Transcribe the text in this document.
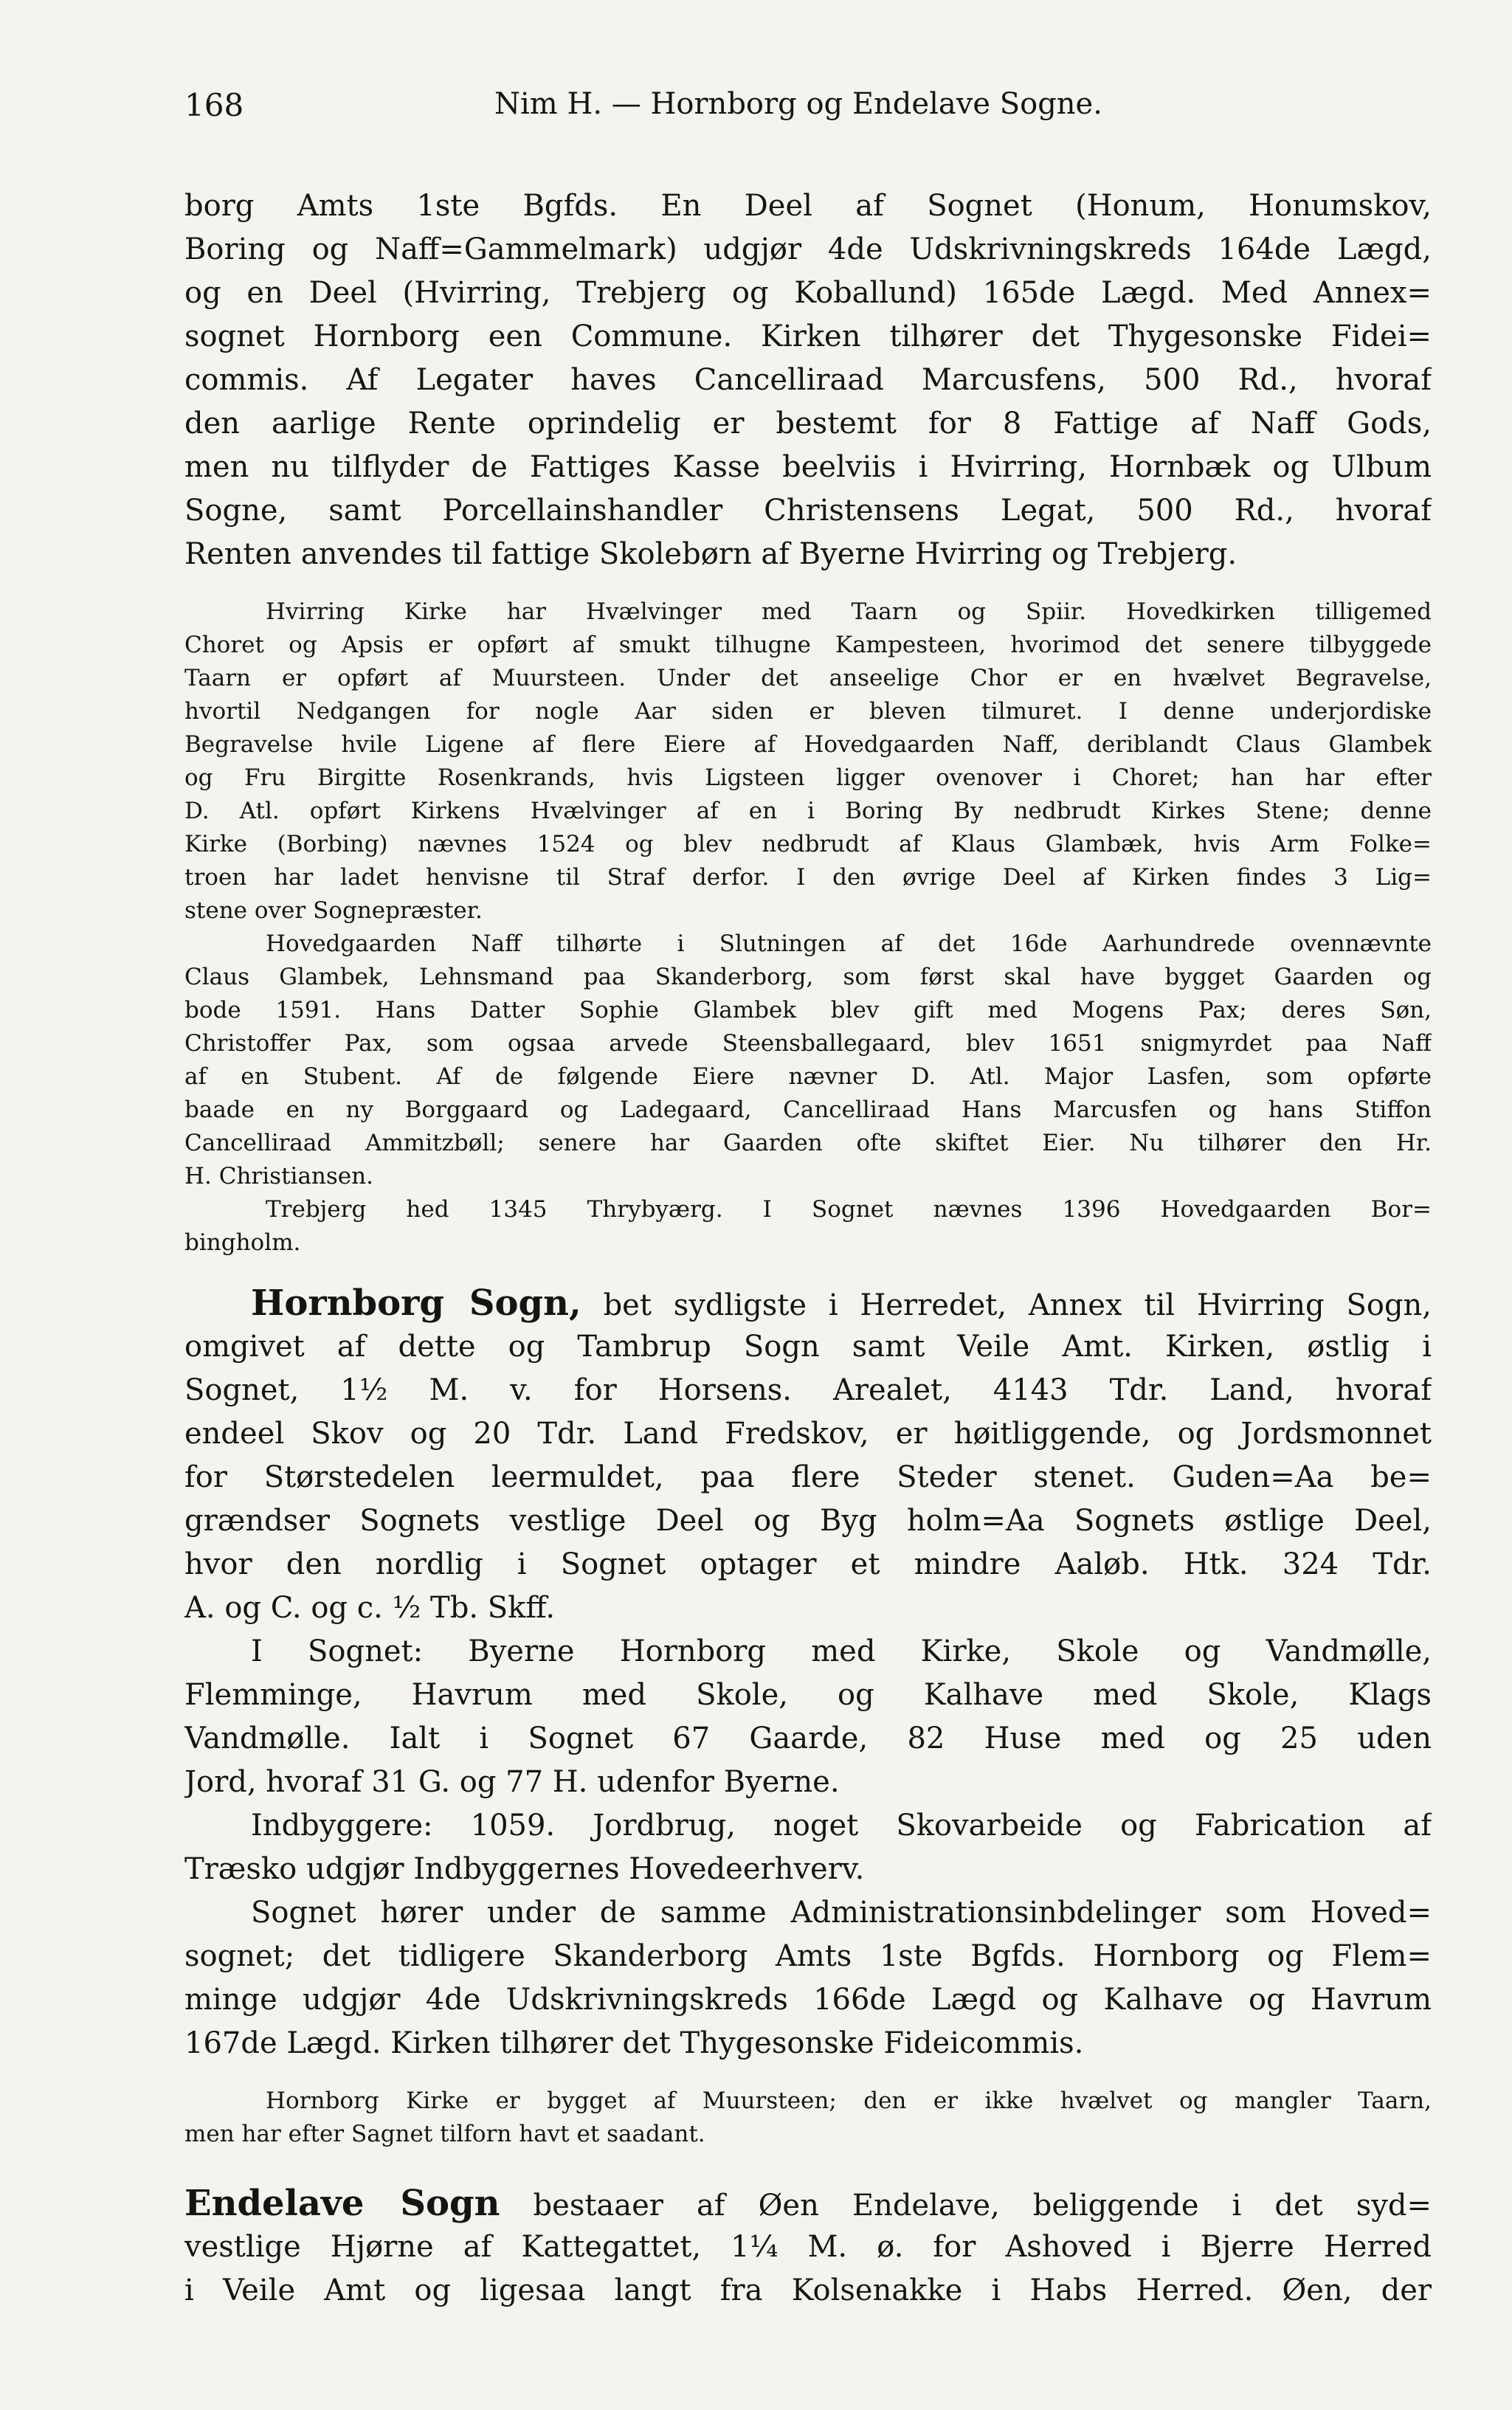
168	Nim H. — Hornborg og Endelave Sogne.
borg Amts 1ste Bgfds. En Deel af Sognet (Honum, Honumskov,
Boring og Naff=Gammelmark) udgjør 4de Udskrivningskreds 164de Lægd,
og en Deel (Hvirring, Trebjerg og Koballund) 165de Lægd. Med Annex=
sognet Hornborg een Commune. Kirken tilhører det Thygesonske Fidei=
commis. Af Legater haves Cancelliraad Marcusfens, 500 Rd., hvoraf
den aarlige Rente oprindelig er bestemt for 8 Fattige af Naff Gods,
men nu tilflyder de Fattiges Kasse beelviis i Hvirring, Hornbæk og Ulbum
Sogne, samt Porcellainshandler Christensens Legat, 500 Rd., hvoraf
Renten anvendes til fattige Skolebørn af Byerne Hvirring og Trebjerg.
Hvirring Kirke har Hvælvinger med Taarn og Spiir. Hovedkirken tilligemed
Choret og Apsis er opført af smukt tilhugne Kampesteen, hvorimod det senere tilbyggede
Taarn er opført af Muursteen. Under det anseelige Chor er en hvælvet Begravelse,
hvortil Nedgangen for nogle Aar siden er bleven tilmuret. I denne underjordiske
Begravelse hvile Ligene af flere Eiere af Hovedgaarden Naff, deriblandt Claus Glambek
og Fru Birgitte Rosenkrands, hvis Ligsteen ligger ovenover i Choret; han har efter
D. Atl. opført Kirkens Hvælvinger af en i Boring By nedbrudt Kirkes Stene; denne
Kirke (Borbing) nævnes 1524 og blev nedbrudt af Klaus Glambæk, hvis Arm Folke=
troen har ladet henvisne til Straf derfor. I den øvrige Deel af Kirken findes 3 Lig=
stene over Sognepræster.
Hovedgaarden Naff tilhørte i Slutningen af det 16de Aarhundrede ovennævnte
Claus Glambek, Lehnsmand paa Skanderborg, som først skal have bygget Gaarden og
bode 1591. Hans Datter Sophie Glambek blev gift med Mogens Pax; deres Søn,
Christoffer Pax, som ogsaa arvede Steensballegaard, blev 1651 snigmyrdet paa Naff
af en Stubent. Af de følgende Eiere nævner D. Atl. Major Lasfen, som opførte
baade en ny Borggaard og Ladegaard, Cancelliraad Hans Marcusfen og hans Stiffon
Cancelliraad Ammitzbøll; senere har Gaarden ofte skiftet Eier. Nu tilhører den Hr.
H. Christiansen.
Trebjerg hed 1345 Thrybyærg. I Sognet nævnes 1396 Hovedgaarden Bor=
bingholm.
Hornborg Sogn, bet sydligste i Herredet, Annex til Hvirring Sogn,
omgivet af dette og Tambrup Sogn samt Veile Amt. Kirken, østlig i
Sognet, 1½ M. v. for Horsens. Arealet, 4143 Tdr. Land, hvoraf
endeel Skov og 20 Tdr. Land Fredskov, er høitliggende, og Jordsmonnet
for Størstedelen leermuldet, paa flere Steder stenet. Guden=Aa be=
grændser Sognets vestlige Deel og Byg holm=Aa Sognets østlige Deel,
hvor den nordlig i Sognet optager et mindre Aaløb. Htk. 324 Tdr.
A. og C. og c. ½ Tb. Skff.
I Sognet: Byerne Hornborg med Kirke, Skole og Vandmølle,
Flemminge, Havrum med Skole, og Kalhave med Skole, Klags
Vandmølle. Ialt i Sognet 67 Gaarde, 82 Huse med og 25 uden
Jord, hvoraf 31 G. og 77 H. udenfor Byerne.
Indbyggere: 1059. Jordbrug, noget Skovarbeide og Fabrication af
Træsko udgjør Indbyggernes Hovedeerhverv.
Sognet hører under de samme Administrationsinbdelinger som Hoved=
sognet; det tidligere Skanderborg Amts 1ste Bgfds. Hornborg og Flem=
minge udgjør 4de Udskrivningskreds 166de Lægd og Kalhave og Havrum
167de Lægd. Kirken tilhører det Thygesonske Fideicommis.
Hornborg Kirke er bygget af Muursteen; den er ikke hvælvet og mangler Taarn,
men har efter Sagnet tilforn havt et saadant.
Endelave Sogn bestaaer af Øen Endelave, beliggende i det syd=
vestlige Hjørne af Kattegattet, 1¼ M. ø. for Ashoved i Bjerre Herred
i Veile Amt og ligesaa langt fra Kolsenakke i Habs Herred. Øen, der
